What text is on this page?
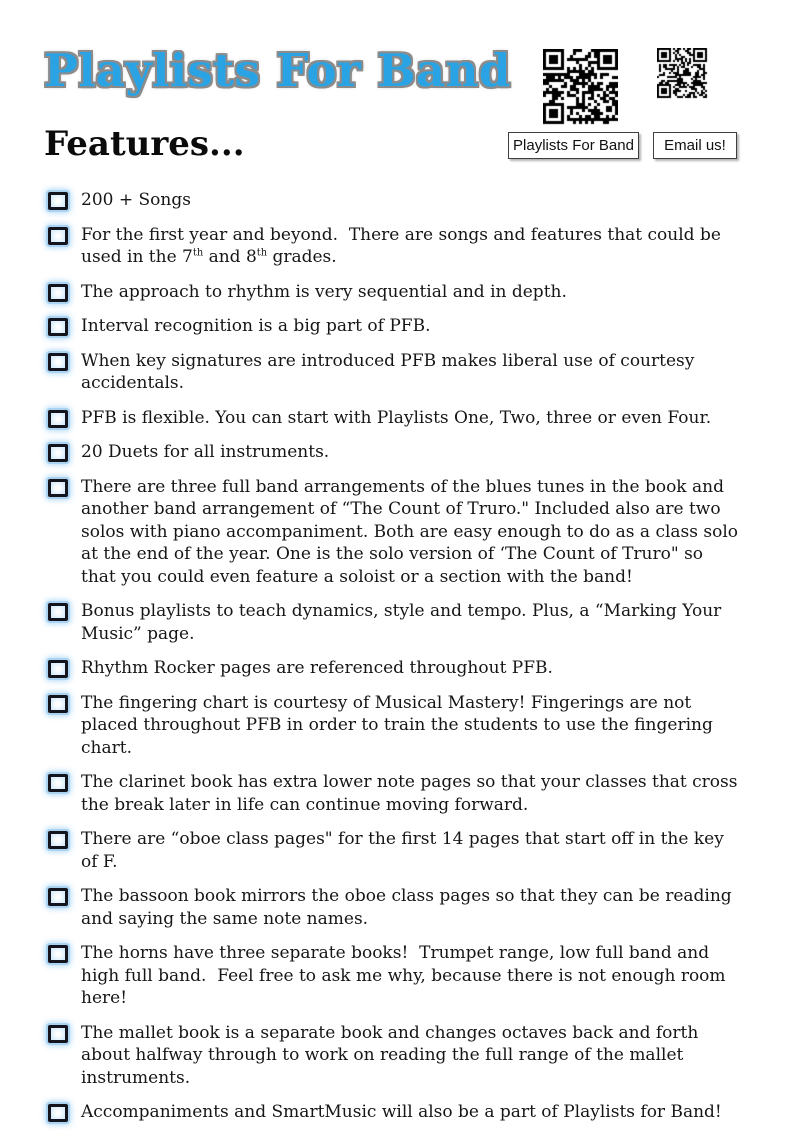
Playlists For Band
Playlists For Band	Email us!
Features...
200 + Songs
For the first year and beyond.  There are songs and features that could be used in the 7th and 8th grades.
The approach to rhythm is very sequential and in depth.
Interval recognition is a big part of PFB.
When key signatures are introduced PFB makes liberal use of courtesy accidentals.
PFB is flexible. You can start with Playlists One, Two, three or even Four.
20 Duets for all instruments.
There are three full band arrangements of the blues tunes in the book and another band arrangement of “The Count of Truro." Included also are two solos with piano accompaniment. Both are easy enough to do as a class solo at the end of the year. One is the solo version of ‘The Count of Truro" so that you could even feature a soloist or a section with the band!
Bonus playlists to teach dynamics, style and tempo. Plus, a “Marking Your Music” page.
Rhythm Rocker pages are referenced throughout PFB.
The fingering chart is courtesy of Musical Mastery! Fingerings are not placed throughout PFB in order to train the students to use the fingering chart.
The clarinet book has extra lower note pages so that your classes that cross the break later in life can continue moving forward.
There are “oboe class pages" for the first 14 pages that start off in the key of F.
The bassoon book mirrors the oboe class pages so that they can be reading and saying the same note names.
The horns have three separate books!  Trumpet range, low full band and high full band.  Feel free to ask me why, because there is not enough room here!
The mallet book is a separate book and changes octaves back and forth about halfway through to work on reading the full range of the mallet instruments.
Accompaniments and SmartMusic will also be a part of Playlists for Band!
